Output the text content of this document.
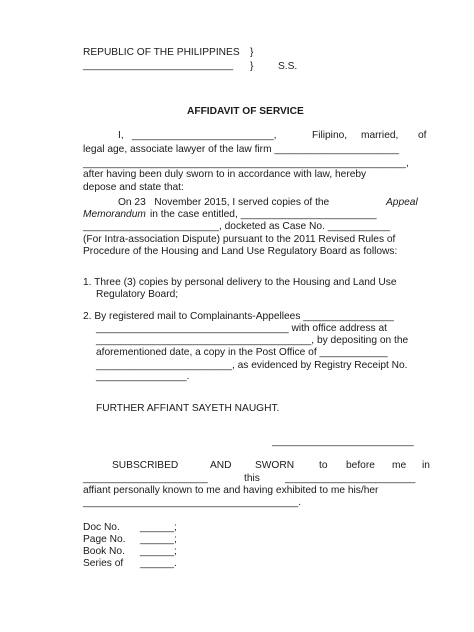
REPUBLIC OF THE PHILIPPINES }
___________________________ } S.S.
AFFIDAVIT OF SERVICE
I, _________________________,	Filipino, married, of
legal age, associate lawyer of the law firm ______________________
_________________________________________________________,
after having been duly sworn to in accordance with law, hereby
depose and state that:
On 23   November 2015, I served copies of the	Appeal
Memorandum in the case entitled, ________________________
________________________, docketed as Case No. ___________
(For Intra-association Dispute) pursuant to the 2011 Revised Rules of
Procedure of the Housing and Land Use Regulatory Board as follows:
1. Three (3) copies by personal delivery to the Housing and Land Use
Regulatory Board;
2. By registered mail to Complainants-Appellees ________________
__________________________________ with office address at
______________________________________, by depositing on the
aforementioned date, a copy in the Post Office of ____________
________________________, as evidenced by Registry Receipt No.
________________.
FURTHER AFFIANT SAYETH NAUGHT.
_________________________
SUBSCRIBED	AND SWORN to before me in
______________________	this _______________________
affiant personally known to me and having exhibited to me his/her
______________________________________.
Doc No. ______;
Page No. ______;
Book No. ______;
Series of ______.
